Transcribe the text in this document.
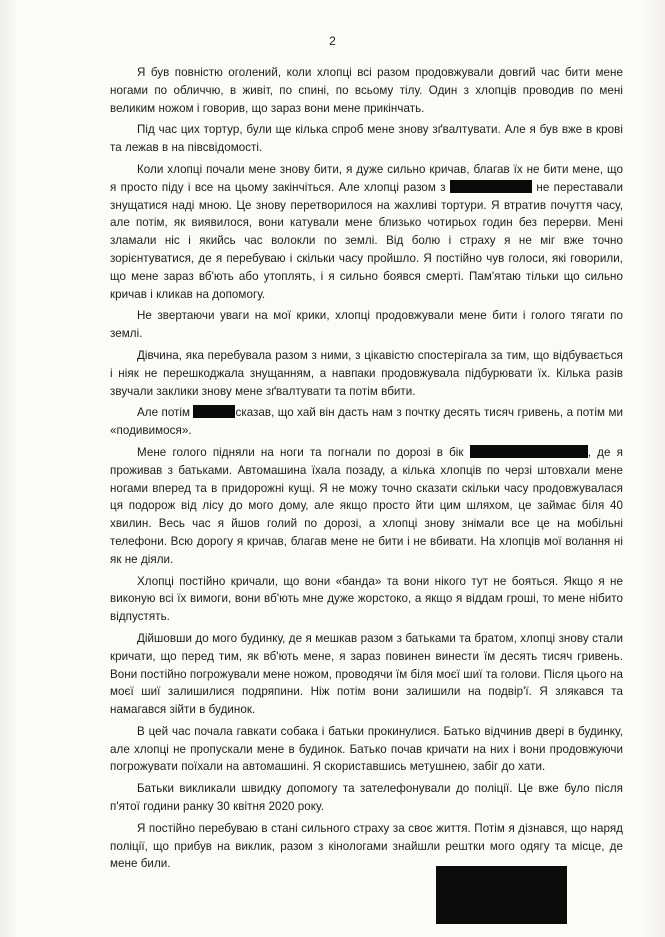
2

Я був повністю оголений, коли хлопці всі разом продовжували довгий час бити мене ногами по обличчю, в живіт, по спині, по всьому тілу. Один з хлопців проводив по мені великим ножом і говорив, що зараз вони мене прикінчать.

Під час цих тортур, були ще кілька спроб мене знову зґвалтувати. Але я був вже в крові та лежав в на півсвідомості.

Коли хлопці почали мене знову бити, я дуже сильно кричав, благав їх не бити мене, що я просто піду і все на цьому закінчіться. Але хлопці разом з	не переставали знущатися наді мною. Це знову перетворилося на жахливі тортури. Я втратив почуття часу, але потім, як виявилося, вони катували мене близько чотирьох годин без перерви. Мені зламали ніс і якийсь час волокли по землі. Від болю і страху я не міг вже точно зорієнтуватися, де я перебуваю і скільки часу пройшло. Я постійно чув голоси, які говорили, що мене зараз вб'ють або утоплять, і я сильно боявся смерті. Пам'ятаю тільки що сильно кричав і кликав на допомогу.

Не звертаючи уваги на мої крики, хлопці продовжували мене бити і голого тягати по землі.

Дівчина, яка перебувала разом з ними, з цікавістю спостерігала за тим, що відбувається і ніяк не перешкоджала знущанням, а навпаки продовжувала підбурювати їх. Кілька разів звучали заклики знову мене зґвалтувати та потім вбити.

Але потім	сказав, що хай він дасть нам з почтку десять тисяч гривень, а потім ми «подивимося».

Мене голого підняли на ноги та погнали по дорозі в бік	, де я проживав з батьками. Автомашина їхала позаду, а кілька хлопців по черзі штовхали мене ногами вперед та в придорожні кущі. Я не можу точно сказати скільки часу продовжувалася ця подорож від лісу до мого дому, але якщо просто йти цим шляхом, це займає біля 40 хвилин. Весь час я йшов голий по дорозі, а хлопці знову знімали все це на мобільні телефони. Всю дорогу я кричав, благав мене не бити і не вбивати. На хлопців мої волання ні як не діяли.

Хлопці постійно кричали, що вони «банда» та вони нікого тут не бояться. Якщо я не виконую всі їх вимоги, вони вб'ють мне дуже жорстоко, а якщо я віддам гроші, то мене нібито відпустять.

Дійшовши до мого будинку, де я мешкав разом з батьками та братом, хлопці знову стали кричати, що перед тим, як вб'ють мене, я зараз повинен винести їм десять тисяч гривень. Вони постійно погрожували мене ножом, проводячи їм біля моєї шиї та голови. Після цього на моєї шиї залишилися подряпини. Ніж потім вони залишили на подвір'ї. Я злякався та намагався зійти в будинок.

В цей час почала гавкати собака і батьки прокинулися. Батько відчинив двері в будинку, але хлопці не пропускали мене в будинок. Батько почав кричати на них і вони продовжуючи погрожувати поїхали на автомашині. Я скориставшись метушнею, забіг до хати.

Батьки викликали швидку допомогу та зателефонували до поліції. Це вже було після п'ятої години ранку 30 квітня 2020 року.

Я постійно перебуваю в стані сильного страху за своє життя. Потім я дізнався, що наряд поліції, що прибув на виклик, разом з кінологами знайшли рештки мого одягу та місце, де мене били.
